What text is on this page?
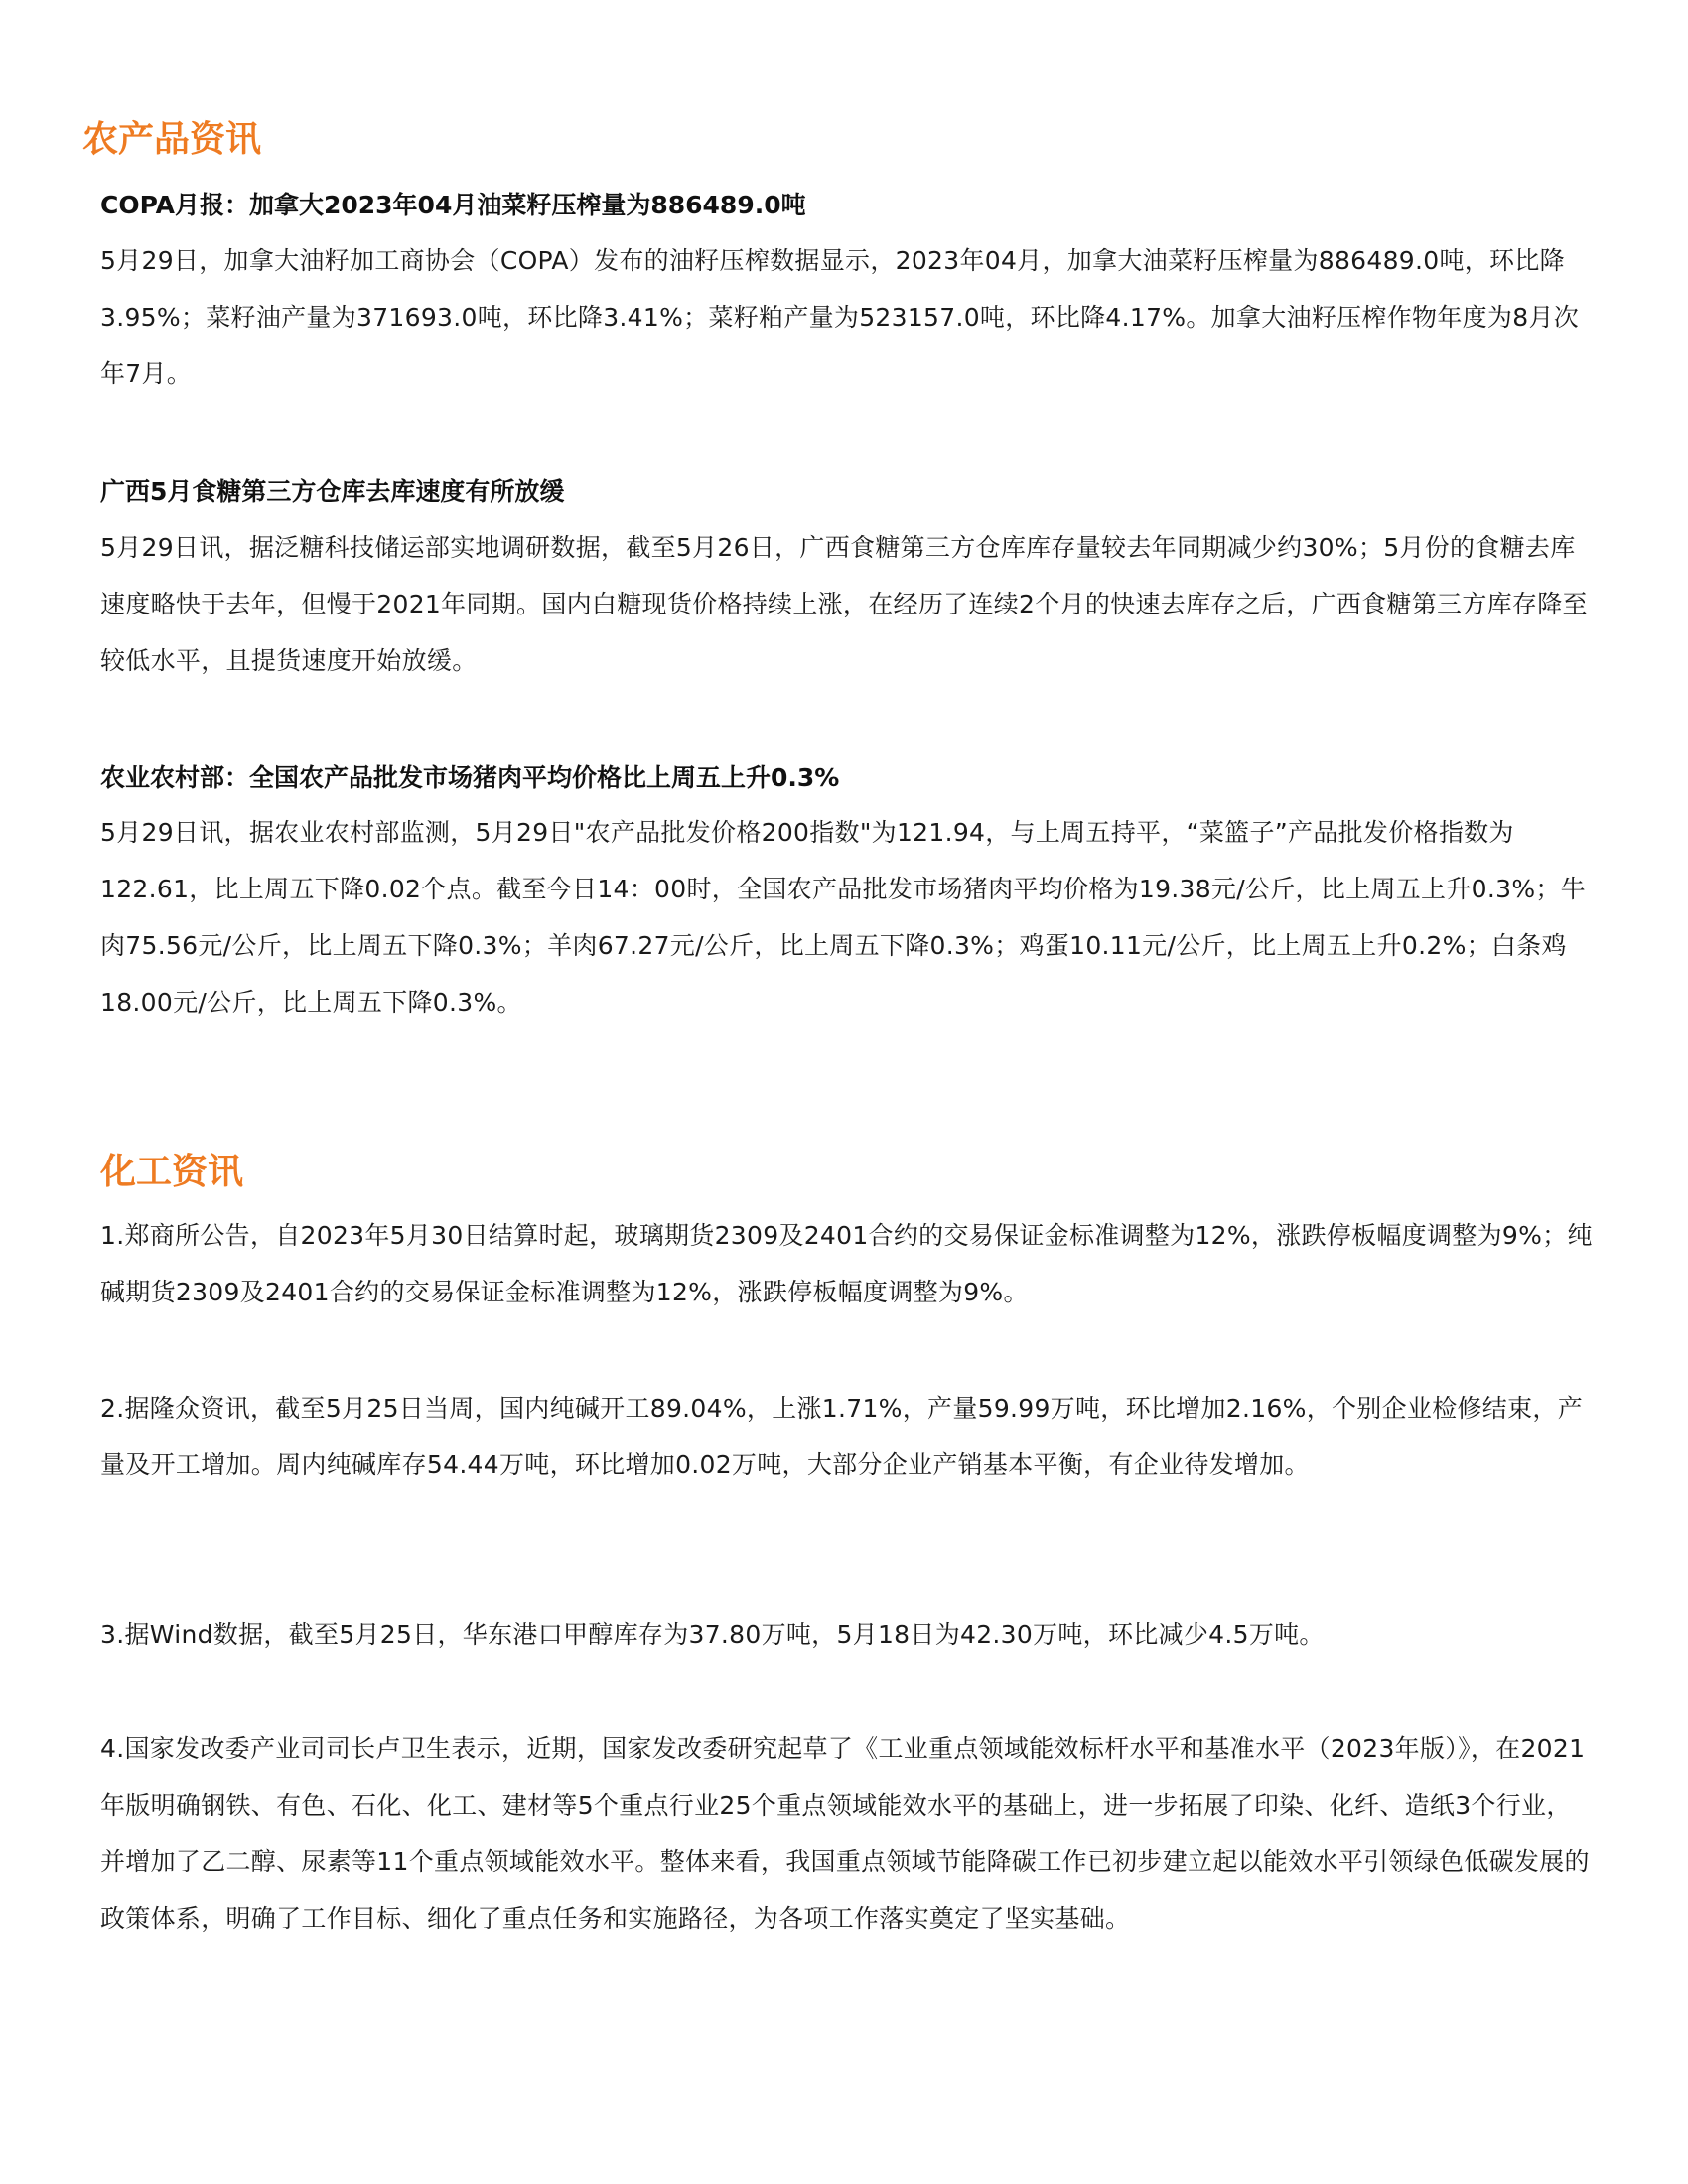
农产品资讯
COPA月报：加拿大2023年04月油菜籽压榨量为886489.0吨

5月29日，加拿大油籽加工商协会（COPA）发布的油籽压榨数据显示，2023年04月，加拿大油菜籽压榨量为886489.0吨，环比降3.95%；菜籽油产量为371693.0吨，环比降3.41%；菜籽粕产量为523157.0吨，环比降4.17%。加拿大油籽压榨作物年度为8月次年7月。

广西5月食糖第三方仓库去库速度有所放缓

5月29日讯，据泛糖科技储运部实地调研数据，截至5月26日，广西食糖第三方仓库库存量较去年同期减少约30%；5月份的食糖去库速度略快于去年，但慢于2021年同期。国内白糖现货价格持续上涨，在经历了连续2个月的快速去库存之后，广西食糖第三方库存降至较低水平，且提货速度开始放缓。

农业农村部：全国农产品批发市场猪肉平均价格比上周五上升0.3%

5月29日讯，据农业农村部监测，5月29日"农产品批发价格200指数"为121.94，与上周五持平，“菜篮子”产品批发价格指数为122.61，比上周五下降0.02个点。截至今日14：00时，全国农产品批发市场猪肉平均价格为19.38元/公斤，比上周五上升0.3%；牛肉75.56元/公斤，比上周五下降0.3%；羊肉67.27元/公斤，比上周五下降0.3%；鸡蛋10.11元/公斤，比上周五上升0.2%；白条鸡18.00元/公斤，比上周五下降0.3%。

化工资讯

1.郑商所公告，自2023年5月30日结算时起，玻璃期货2309及2401合约的交易保证金标准调整为12%，涨跌停板幅度调整为9%；纯碱期货2309及2401合约的交易保证金标准调整为12%，涨跌停板幅度调整为9%。

2.据隆众资讯，截至5月25日当周，国内纯碱开工89.04%，上涨1.71%，产量59.99万吨，环比增加2.16%，个别企业检修结束，产量及开工增加。周内纯碱库存54.44万吨，环比增加0.02万吨，大部分企业产销基本平衡，有企业待发增加。

3.据Wind数据，截至5月25日，华东港口甲醇库存为37.80万吨，5月18日为42.30万吨，环比减少4.5万吨。

4.国家发改委产业司司长卢卫生表示，近期，国家发改委研究起草了《工业重点领域能效标杆水平和基准水平（2023年版）》，在2021年版明确钢铁、有色、石化、化工、建材等5个重点行业25个重点领域能效水平的基础上，进一步拓展了印染、化纤、造纸3个行业，并增加了乙二醇、尿素等11个重点领域能效水平。整体来看，我国重点领域节能降碳工作已初步建立起以能效水平引领绿色低碳发展的政策体系，明确了工作目标、细化了重点任务和实施路径，为各项工作落实奠定了坚实基础。
